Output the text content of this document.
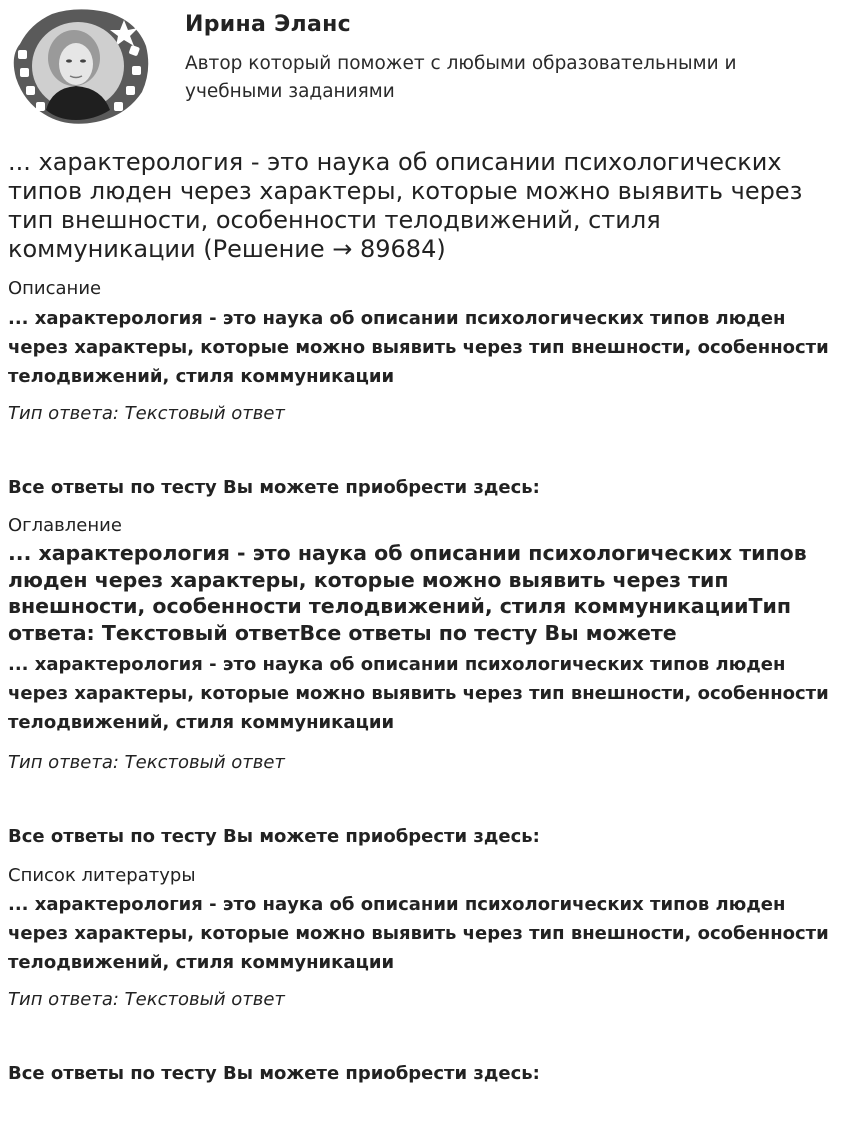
Ирина Эланс
Автор который поможет с любыми образовательными и учебными заданиями
... характерология - это наука об описании психологических типов люден через характеры, которые можно выявить через тип внешности, особенности телодвижений, стиля коммуникации (Решение → 89684)
Описание
... характерология - это наука об описании психологических типов люден через характеры, которые можно выявить через тип внешности, особенности телодвижений, стиля коммуникации
Тип ответа: Текстовый ответ
Все ответы по тесту Вы можете приобрести здесь:
Оглавление
... характерология - это наука об описании психологических типов люден через характеры, которые можно выявить через тип внешности, особенности телодвижений, стиля коммуникацииТип ответа: Текстовый ответВсе ответы по тесту Вы можете
... характерология - это наука об описании психологических типов люден через характеры, которые можно выявить через тип внешности, особенности телодвижений, стиля коммуникации
Тип ответа: Текстовый ответ
Все ответы по тесту Вы можете приобрести здесь:
Список литературы
... характерология - это наука об описании психологических типов люден через характеры, которые можно выявить через тип внешности, особенности телодвижений, стиля коммуникации
Тип ответа: Текстовый ответ
Все ответы по тесту Вы можете приобрести здесь:
